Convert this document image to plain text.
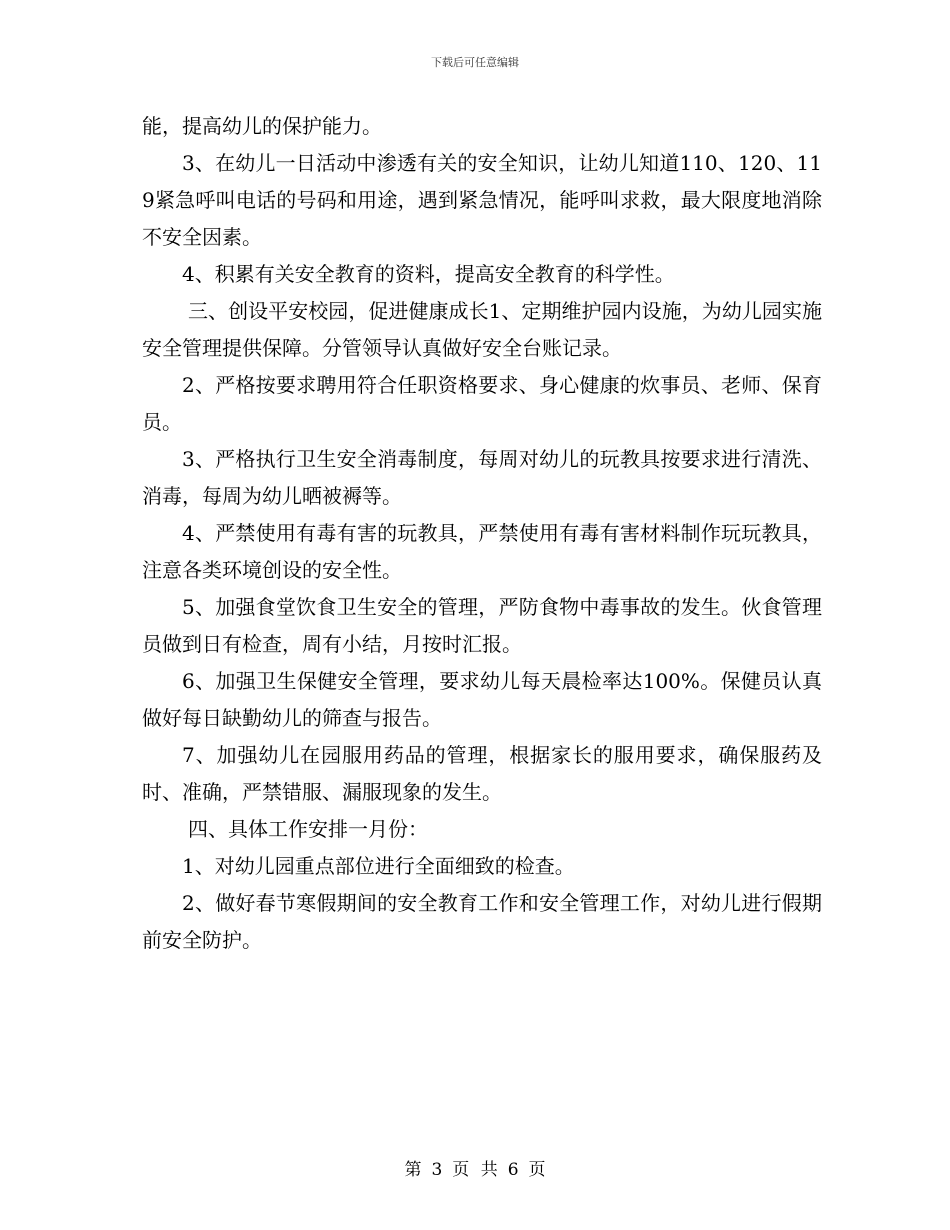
下载后可任意编辑

能，提高幼儿的保护能力。

3、在幼儿一日活动中渗透有关的安全知识，让幼儿知道110、120、119紧急呼叫电话的号码和用途，遇到紧急情况，能呼叫求救，最大限度地消除不安全因素。

4、积累有关安全教育的资料，提高安全教育的科学性。

三、创设平安校园，促进健康成长1、定期维护园内设施，为幼儿园实施安全管理提供保障。分管领导认真做好安全台账记录。

2、严格按要求聘用符合任职资格要求、身心健康的炊事员、老师、保育员。

3、严格执行卫生安全消毒制度，每周对幼儿的玩教具按要求进行清洗、消毒，每周为幼儿晒被褥等。

4、严禁使用有毒有害的玩教具，严禁使用有毒有害材料制作玩玩教具，注意各类环境创设的安全性。

5、加强食堂饮食卫生安全的管理，严防食物中毒事故的发生。伙食管理员做到日有检查，周有小结，月按时汇报。

6、加强卫生保健安全管理，要求幼儿每天晨检率达100%。保健员认真做好每日缺勤幼儿的筛查与报告。

7、加强幼儿在园服用药品的管理，根据家长的服用要求，确保服药及时、准确，严禁错服、漏服现象的发生。

四、具体工作安排一月份：

1、对幼儿园重点部位进行全面细致的检查。

2、做好春节寒假期间的安全教育工作和安全管理工作，对幼儿进行假期前安全防护。

第 3 页 共 6 页
